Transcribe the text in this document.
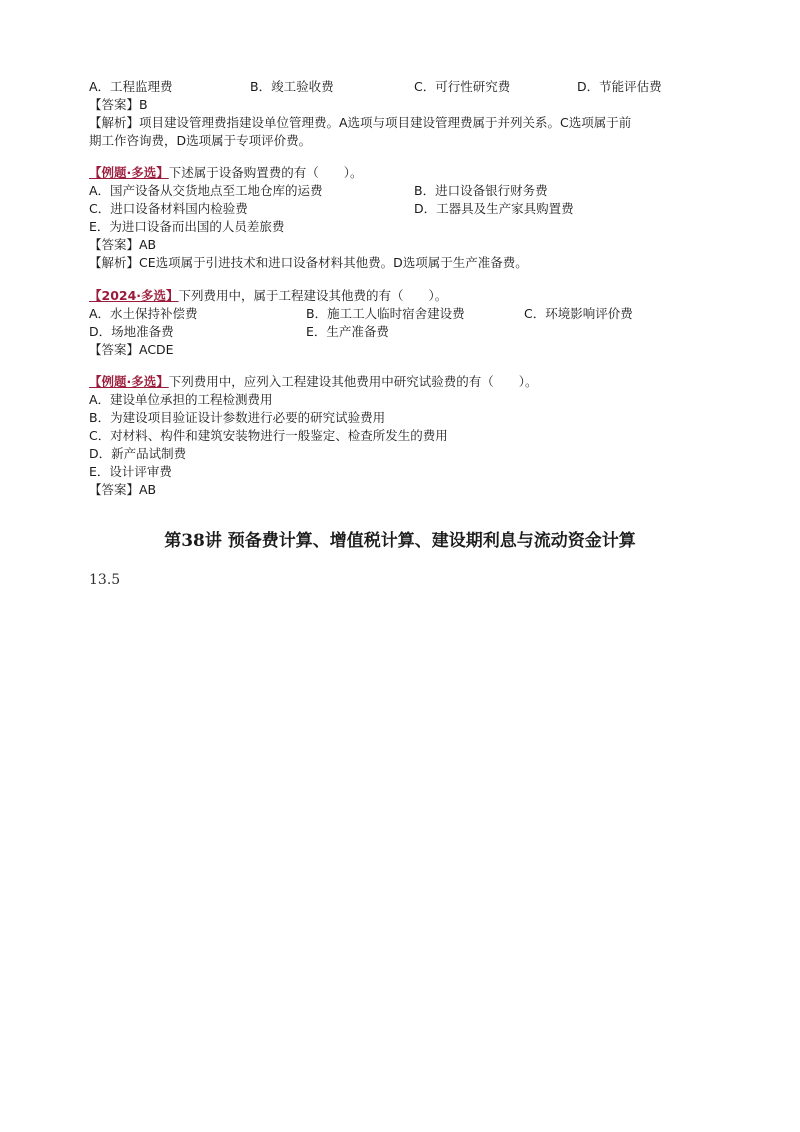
A．工程监理费	B．竣工验收费	C．可行性研究费	D．节能评估费
【答案】B
【解析】项目建设管理费指建设单位管理费。A选项与项目建设管理费属于并列关系。C选项属于前
期工作咨询费，D选项属于专项评价费。
【例题·多选】下述属于设备购置费的有（　　）。
A．国产设备从交货地点至工地仓库的运费	B．进口设备银行财务费
C．进口设备材料国内检验费	D．工器具及生产家具购置费
E．为进口设备而出国的人员差旅费
【答案】AB
【解析】CE选项属于引进技术和进口设备材料其他费。D选项属于生产准备费。
【2024·多选】下列费用中，属于工程建设其他费的有（　　）。
A．水土保持补偿费	B．施工工人临时宿舍建设费	C．环境影响评价费
D．场地准备费	E．生产准备费
【答案】ACDE
【例题·多选】下列费用中，应列入工程建设其他费用中研究试验费的有（　　）。
A．建设单位承担的工程检测费用
B．为建设项目验证设计参数进行必要的研究试验费用
C．对材料、构件和建筑安装物进行一般鉴定、检查所发生的费用
D．新产品试制费
E．设计评审费
【答案】AB
第38讲 预备费计算、增值税计算、建设期利息与流动资金计算
13.5
